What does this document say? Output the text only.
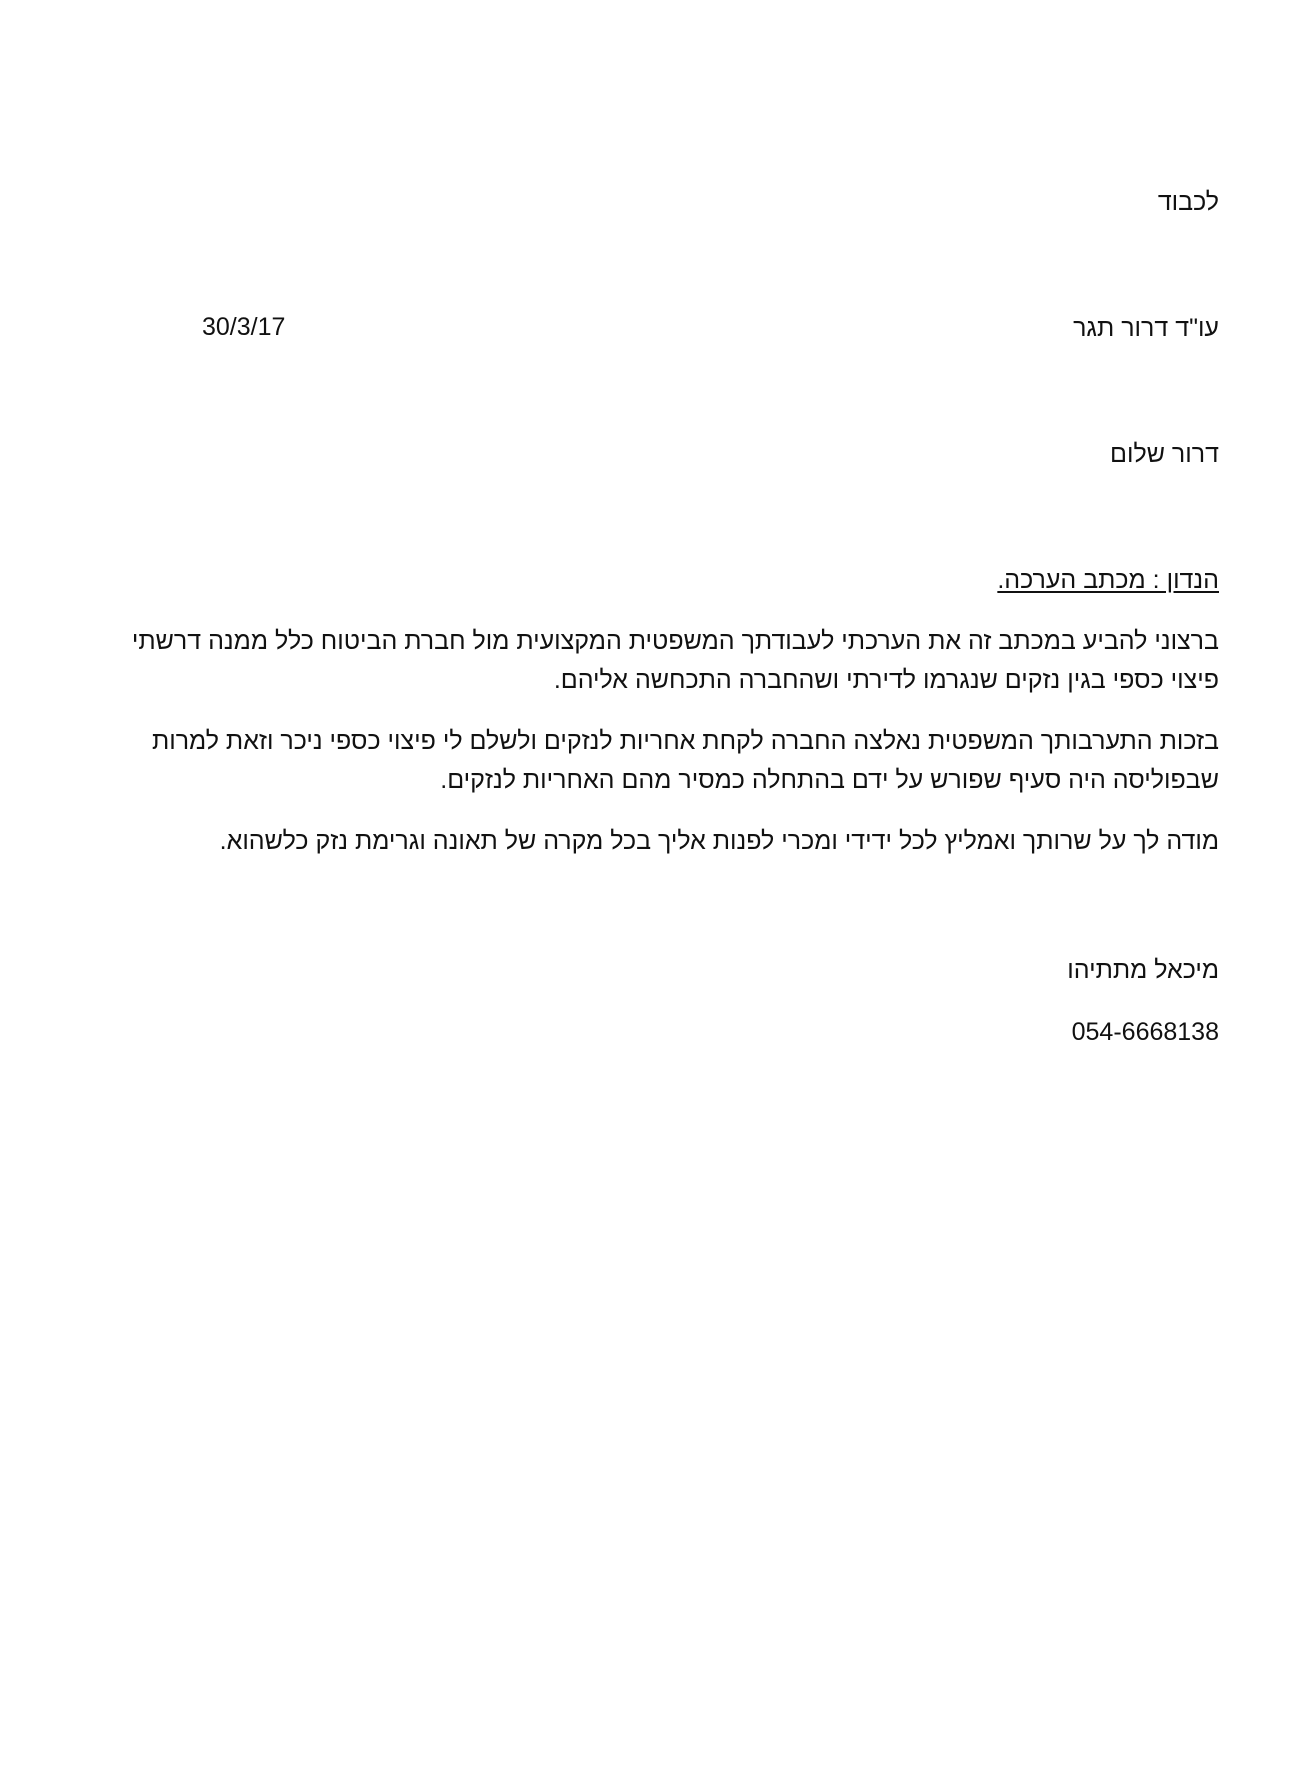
לכבוד
עו"ד דרור תגר
30/3/17
דרור שלום
הנדון : מכתב הערכה.
ברצוני להביע במכתב זה את הערכתי לעבודתך המשפטית המקצועית מול חברת הביטוח כלל ממנה דרשתי פיצוי כספי בגין נזקים שנגרמו לדירתי ושהחברה התכחשה אליהם.
בזכות התערבותך המשפטית נאלצה החברה לקחת אחריות לנזקים ולשלם לי פיצוי כספי ניכר וזאת למרות שבפוליסה היה סעיף שפורש על ידם בהתחלה כמסיר מהם האחריות לנזקים.
מודה לך על שרותך ואמליץ לכל ידידי ומכרי לפנות אליך בכל מקרה של תאונה וגרימת נזק כלשהוא.
מיכאל מתתיהו
054-6668138
